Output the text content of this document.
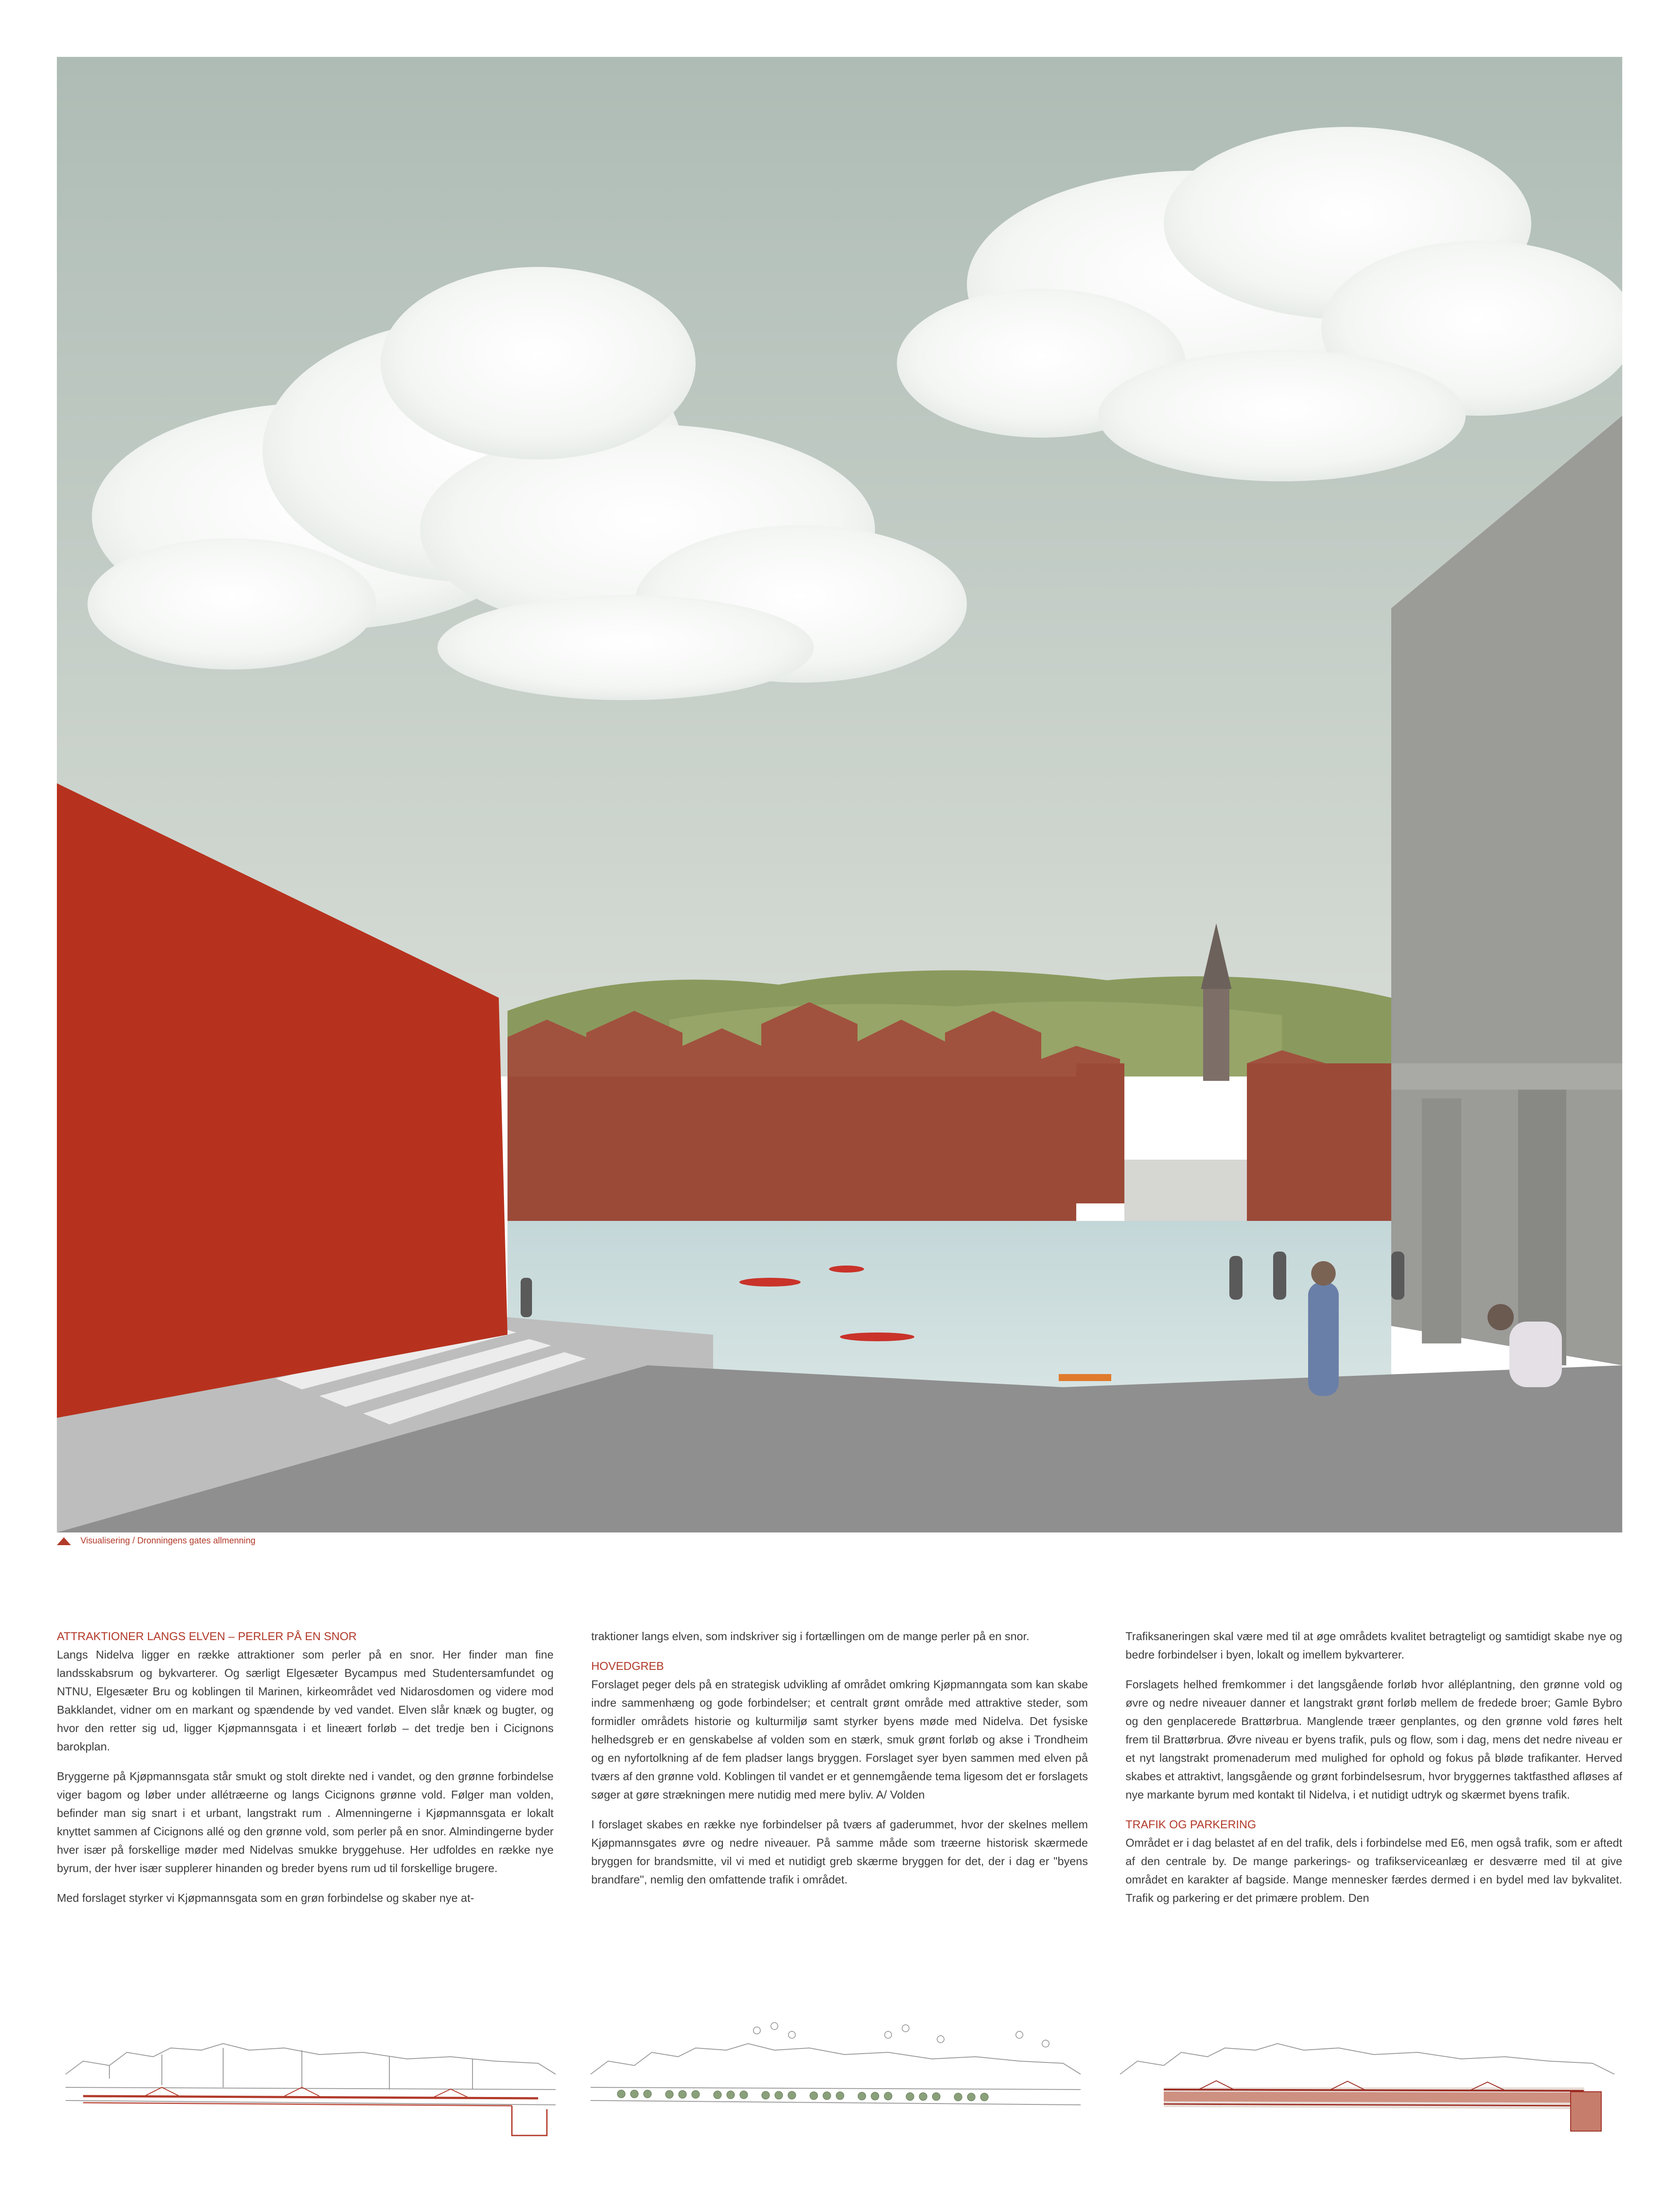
Visualisering / Dronningens gates allmenning
ATTRAKTIONER LANGS ELVEN – PERLER PÅ EN SNOR

Langs Nidelva ligger en række attraktioner som perler på en snor. Her finder man fine landsskabsrum og bykvarterer. Og særligt Elgesæter Bycampus med Studentersamfundet og NTNU, Elgesæter Bru og koblingen til Marinen, kirkeområdet ved Nidarosdomen og videre mod Bakklandet, vidner om en markant og spændende by ved vandet. Elven slår knæk og bugter, og hvor den retter sig ud, ligger Kjøpmannsgata i et lineært forløb – det tredje ben i Cicignons barokplan.

Bryggerne på Kjøpmannsgata står smukt og stolt direkte ned i vandet, og den grønne forbindelse viger bagom og løber under allétræerne og langs Cicignons grønne vold. Følger man volden, befinder man sig snart i et urbant, langstrakt rum . Almenningerne i Kjøpmannsgata er lokalt knyttet sammen af Cicignons allé og den grønne vold, som perler på en snor. Almindingerne byder hver især på forskellige møder med Nidelvas smukke bryggehuse. Her udfoldes en række nye byrum, der hver især supplerer hinanden og breder byens rum ud til forskellige brugere.

Med forslaget styrker vi Kjøpmannsgata som en grøn forbindelse og skaber nye at-

traktioner langs elven, som indskriver sig i fortællingen om de mange perler på en snor.

HOVEDGREB

Forslaget peger dels på en strategisk udvikling af området omkring Kjøpmanngata som kan skabe indre sammenhæng og gode forbindelser; et centralt grønt område med attraktive steder, som formidler områdets historie og kulturmiljø samt styrker byens møde med Nidelva. Det fysiske helhedsgreb er en genskabelse af volden som en stærk, smuk grønt forløb og akse i Trondheim og en nyfortolkning af de fem pladser langs bryggen. Forslaget syer byen sammen med elven på tværs af den grønne vold. Koblingen til vandet er et gennemgående tema ligesom det er forslagets søger at gøre strækningen mere nutidig med mere byliv. A/ Volden

I forslaget skabes en række nye forbindelser på tværs af gaderummet, hvor der skelnes mellem Kjøpmannsgates øvre og nedre niveauer. På samme måde som træerne historisk skærmede bryggen for brandsmitte, vil vi med et nutidigt greb skærme bryggen for det, der i dag er "byens brandfare", nemlig den omfattende trafik i området.

Trafiksaneringen skal være med til at øge områdets kvalitet betragteligt og samtidigt skabe nye og bedre forbindelser i byen, lokalt og imellem bykvarterer.

Forslagets helhed fremkommer i det langsgående forløb hvor alléplantning, den grønne vold og øvre og nedre niveauer danner et langstrakt grønt forløb mellem de fredede broer; Gamle Bybro og den genplacerede Brattørbrua. Manglende træer genplantes, og den grønne vold føres helt frem til Brattørbrua. Øvre niveau er byens trafik, puls og flow, som i dag, mens det nedre niveau er et nyt langstrakt promenaderum med mulighed for ophold og fokus på bløde trafikanter. Herved skabes et attraktivt, langsgående og grønt forbindelsesrum, hvor bryggernes taktfasthed afløses af nye markante byrum med kontakt til Nidelva, i et nutidigt udtryk og skærmet byens trafik.

TRAFIK OG PARKERING

Området er i dag belastet af en del trafik, dels i forbindelse med E6, men også trafik, som er aftedt af den centrale by. De mange parkerings- og trafikserviceanlæg er desværre med til at give området en karakter af bagside. Mange mennesker færdes dermed i en bydel med lav bykvalitet. Trafik og parkering er det primære problem. Den
